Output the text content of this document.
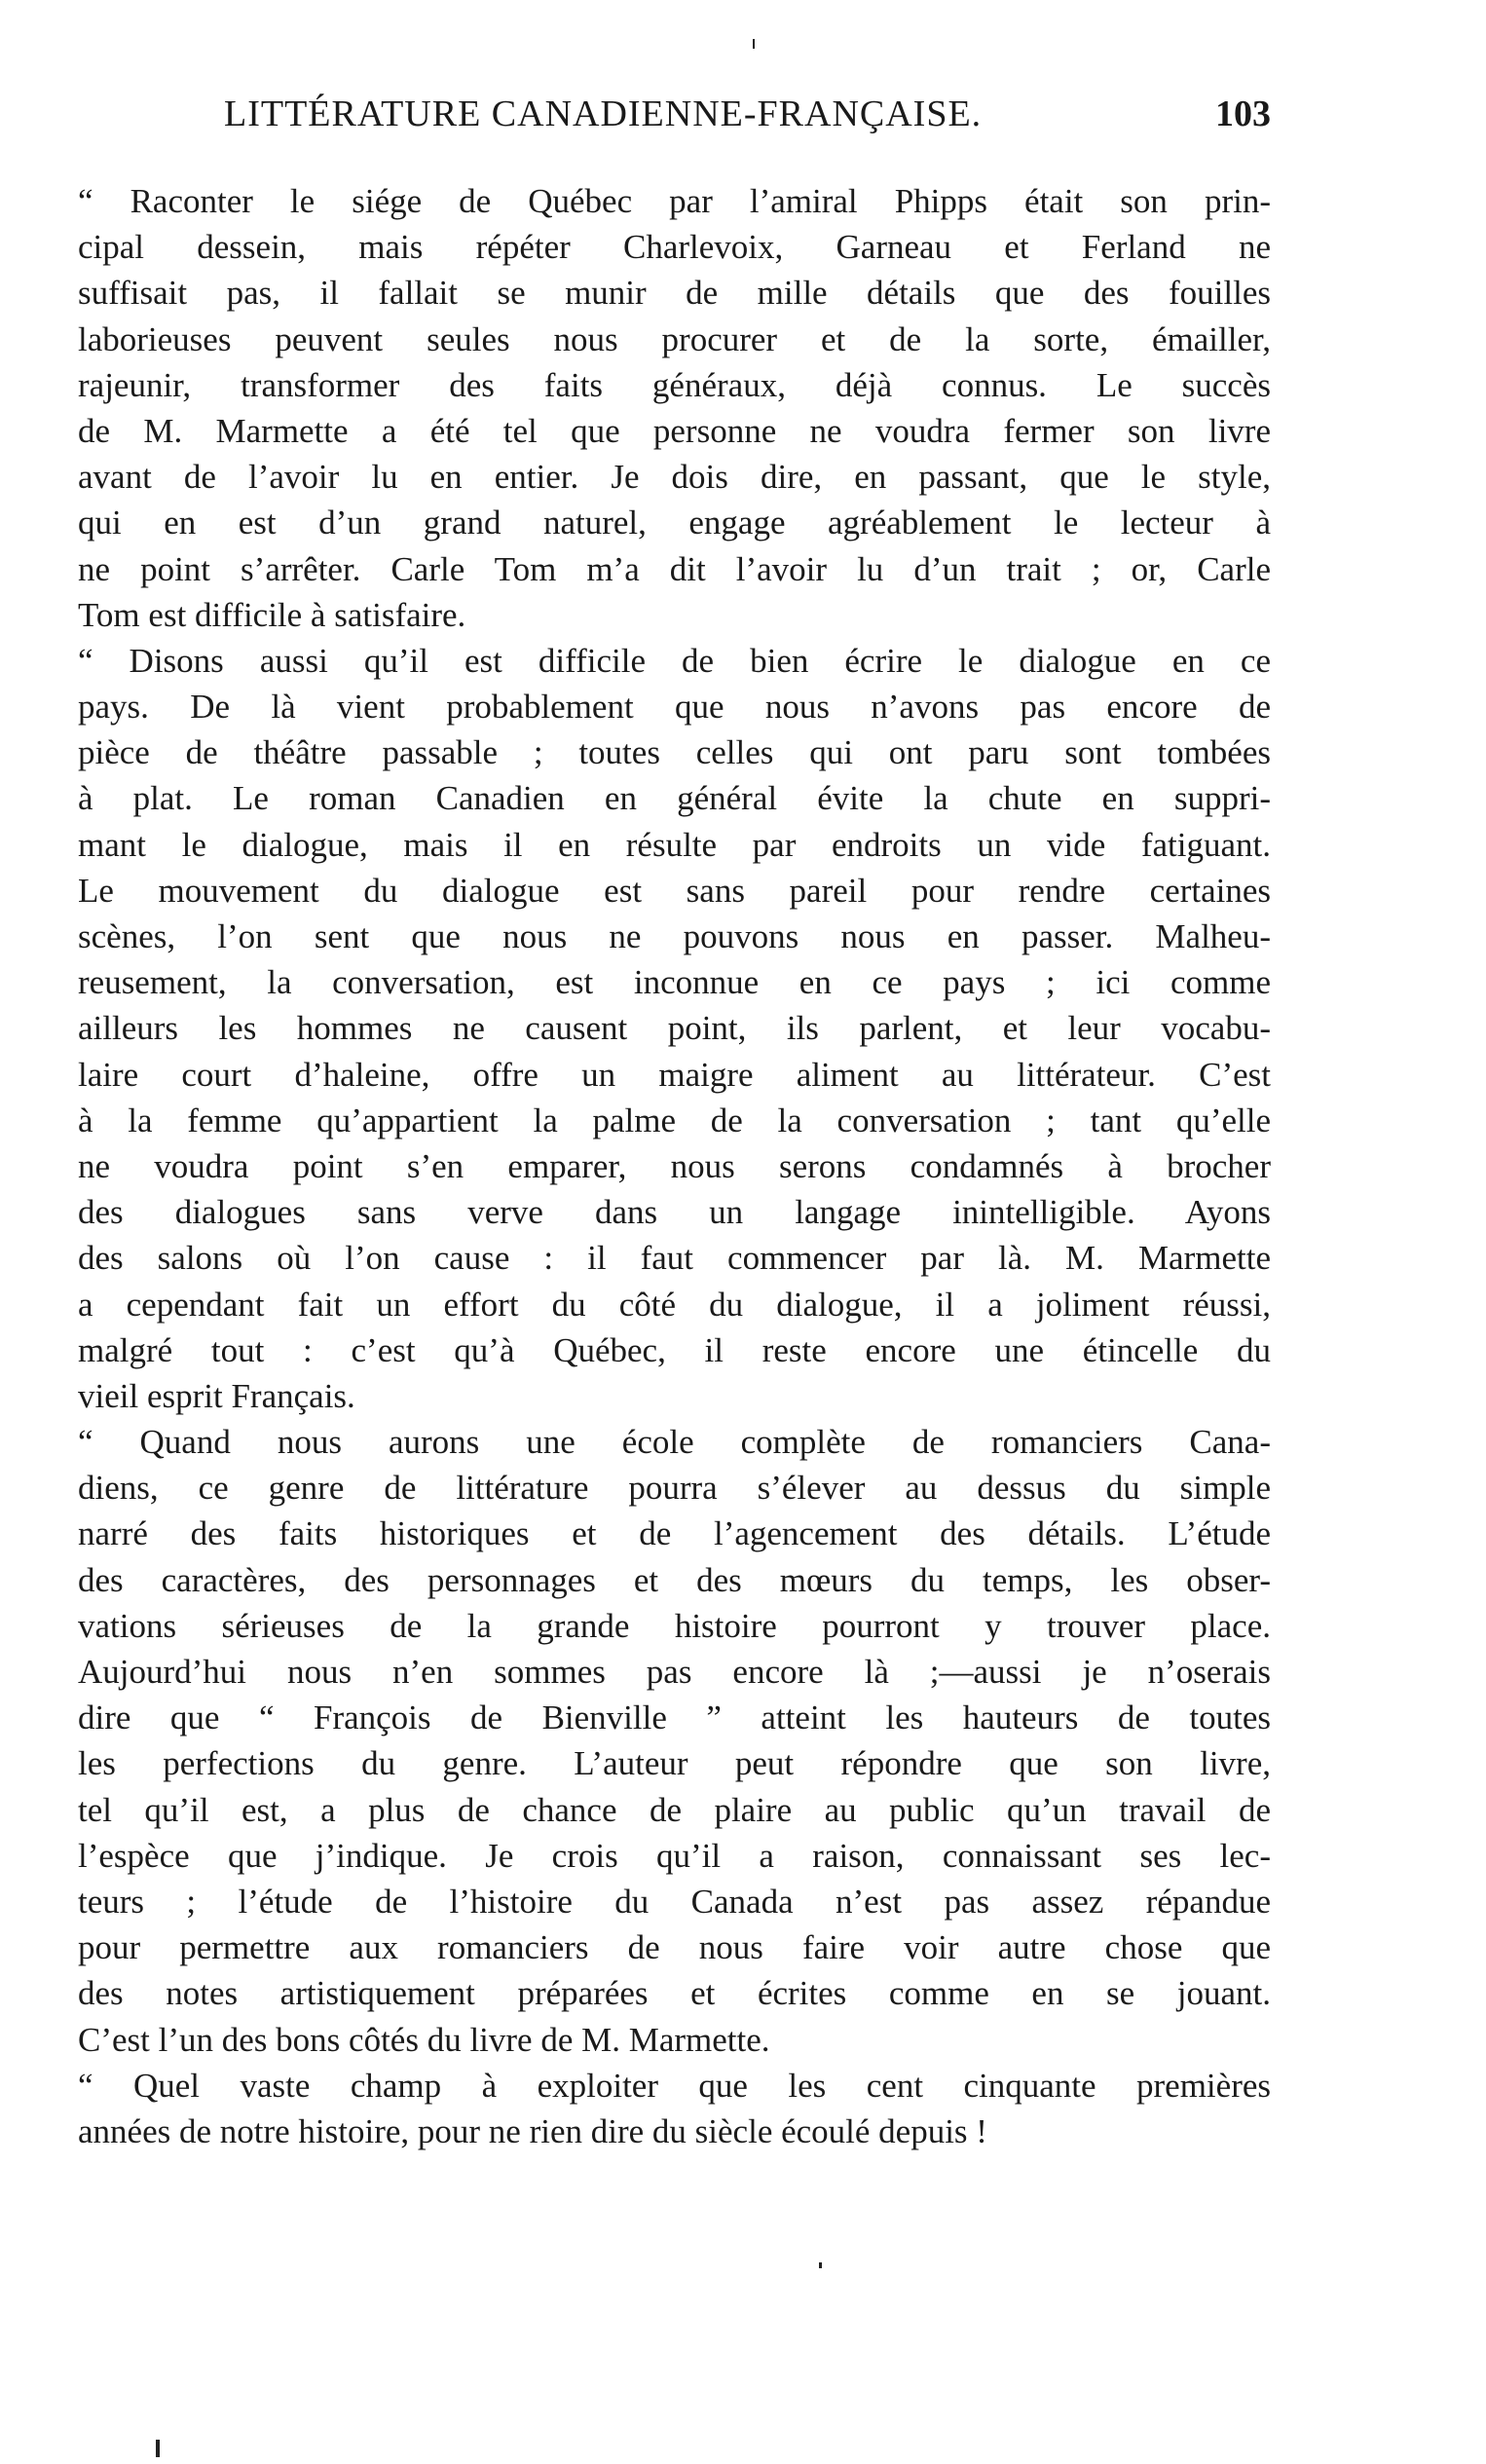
LITTÉRATURE CANADIENNE-FRANÇAISE.	103
“ Raconter le siége de Québec par l’amiral Phipps était son prin-
cipal dessein, mais répéter Charlevoix, Garneau et Ferland ne
suffisait pas, il fallait se munir de mille détails que des fouilles
laborieuses peuvent seules nous procurer et de la sorte, émailler,
rajeunir, transformer des faits généraux, déjà connus. Le succès
de M. Marmette a été tel que personne ne voudra fermer son livre
avant de l’avoir lu en entier. Je dois dire, en passant, que le style,
qui en est d’un grand naturel, engage agréablement le lecteur à
ne point s’arrêter. Carle Tom m’a dit l’avoir lu d’un trait ; or, Carle
Tom est difficile à satisfaire.
“ Disons aussi qu’il est difficile de bien écrire le dialogue en ce
pays. De là vient probablement que nous n’avons pas encore de
pièce de théâtre passable ; toutes celles qui ont paru sont tombées
à plat. Le roman Canadien en général évite la chute en suppri-
mant le dialogue, mais il en résulte par endroits un vide fatiguant.
Le mouvement du dialogue est sans pareil pour rendre certaines
scènes, l’on sent que nous ne pouvons nous en passer. Malheu-
reusement, la conversation, est inconnue en ce pays ; ici comme
ailleurs les hommes ne causent point, ils parlent, et leur vocabu-
laire court d’haleine, offre un maigre aliment au littérateur. C’est
à la femme qu’appartient la palme de la conversation ; tant qu’elle
ne voudra point s’en emparer, nous serons condamnés à brocher
des dialogues sans verve dans un langage inintelligible. Ayons
des salons où l’on cause : il faut commencer par là. M. Marmette
a cependant fait un effort du côté du dialogue, il a joliment réussi,
malgré tout : c’est qu’à Québec, il reste encore une étincelle du
vieil esprit Français.
“ Quand nous aurons une école complète de romanciers Cana-
diens, ce genre de littérature pourra s’élever au dessus du simple
narré des faits historiques et de l’agencement des détails. L’étude
des caractères, des personnages et des mœurs du temps, les obser-
vations sérieuses de la grande histoire pourront y trouver place.
Aujourd’hui nous n’en sommes pas encore là ;—aussi je n’oserais
dire que “ François de Bienville ” atteint les hauteurs de toutes
les perfections du genre. L’auteur peut répondre que son livre,
tel qu’il est, a plus de chance de plaire au public qu’un travail de
l’espèce que j’indique. Je crois qu’il a raison, connaissant ses lec-
teurs ; l’étude de l’histoire du Canada n’est pas assez répandue
pour permettre aux romanciers de nous faire voir autre chose que
des notes artistiquement préparées et écrites comme en se jouant.
C’est l’un des bons côtés du livre de M. Marmette.
“ Quel vaste champ à exploiter que les cent cinquante premières
années de notre histoire, pour ne rien dire du siècle écoulé depuis !
